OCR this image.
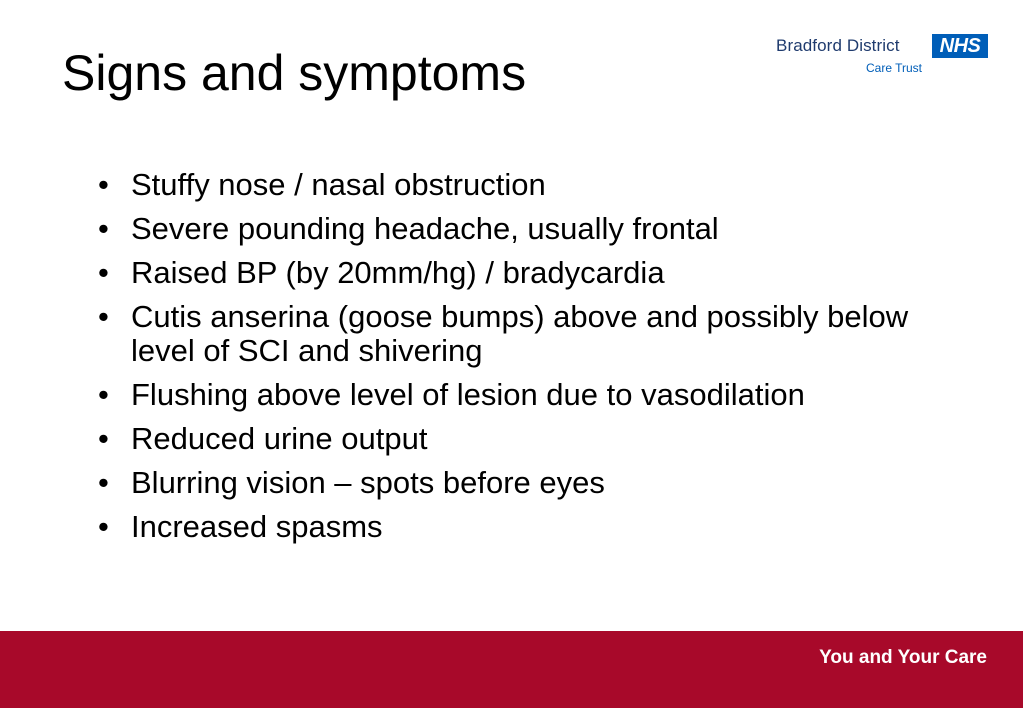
Signs and symptoms	Bradford District	NHS
Care Trust
• Stuffy nose / nasal obstruction
• Severe pounding headache, usually frontal
• Raised BP (by 20mm/hg) / bradycardia
• Cutis anserina (goose bumps) above and possibly below level of SCI and shivering
• Flushing above level of lesion due to vasodilation
• Reduced urine output
• Blurring vision – spots before eyes
• Increased spasms
You and Your Care
